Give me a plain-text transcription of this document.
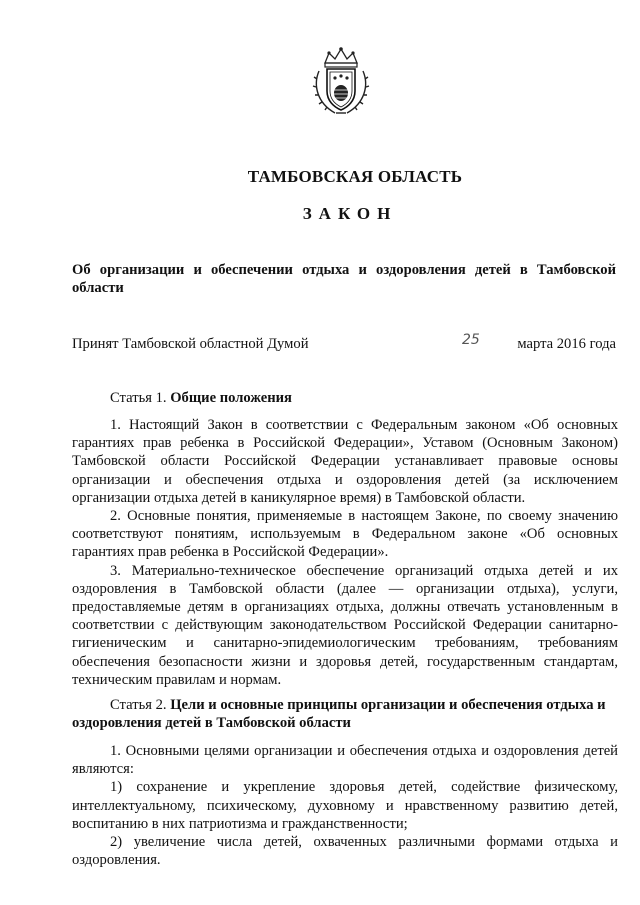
ТАМБОВСКАЯ ОБЛАСТЬ
ЗАКОН
Об организации и обеспечении отдыха и оздоровления детей в Тамбовской области
Принят Тамбовской областной Думой	25	марта 2016 года
Статья 1. Общие положения

1. Настоящий Закон в соответствии с Федеральным законом «Об основных гарантиях прав ребенка в Российской Федерации», Уставом (Основным Законом) Тамбовской области Российской Федерации устанавливает правовые основы организации и обеспечения отдыха и оздоровления детей (за исключением организации отдыха детей в каникулярное время) в Тамбовской области.

2. Основные понятия, применяемые в настоящем Законе, по своему значению соответствуют понятиям, используемым в Федеральном законе «Об основных гарантиях прав ребенка в Российской Федерации».

3. Материально-техническое обеспечение организаций отдыха детей и их оздоровления в Тамбовской области (далее — организации отдыха), услуги, предоставляемые детям в организациях отдыха, должны отвечать установленным в соответствии с действующим законодательством Российской Федерации санитарно-гигиеническим и санитарно-эпидемиологическим требованиям, требованиям обеспечения безопасности жизни и здоровья детей, государственным стандартам, техническим правилам и нормам.

Статья 2. Цели и основные принципы организации и обеспечения отдыха и оздоровления детей в Тамбовской области

1. Основными целями организации и обеспечения отдыха и оздоровления детей являются:

1) сохранение и укрепление здоровья детей, содействие физическому, интеллектуальному, психическому, духовному и нравственному развитию детей, воспитанию в них патриотизма и гражданственности;

2) увеличение числа детей, охваченных различными формами отдыха и оздоровления.
